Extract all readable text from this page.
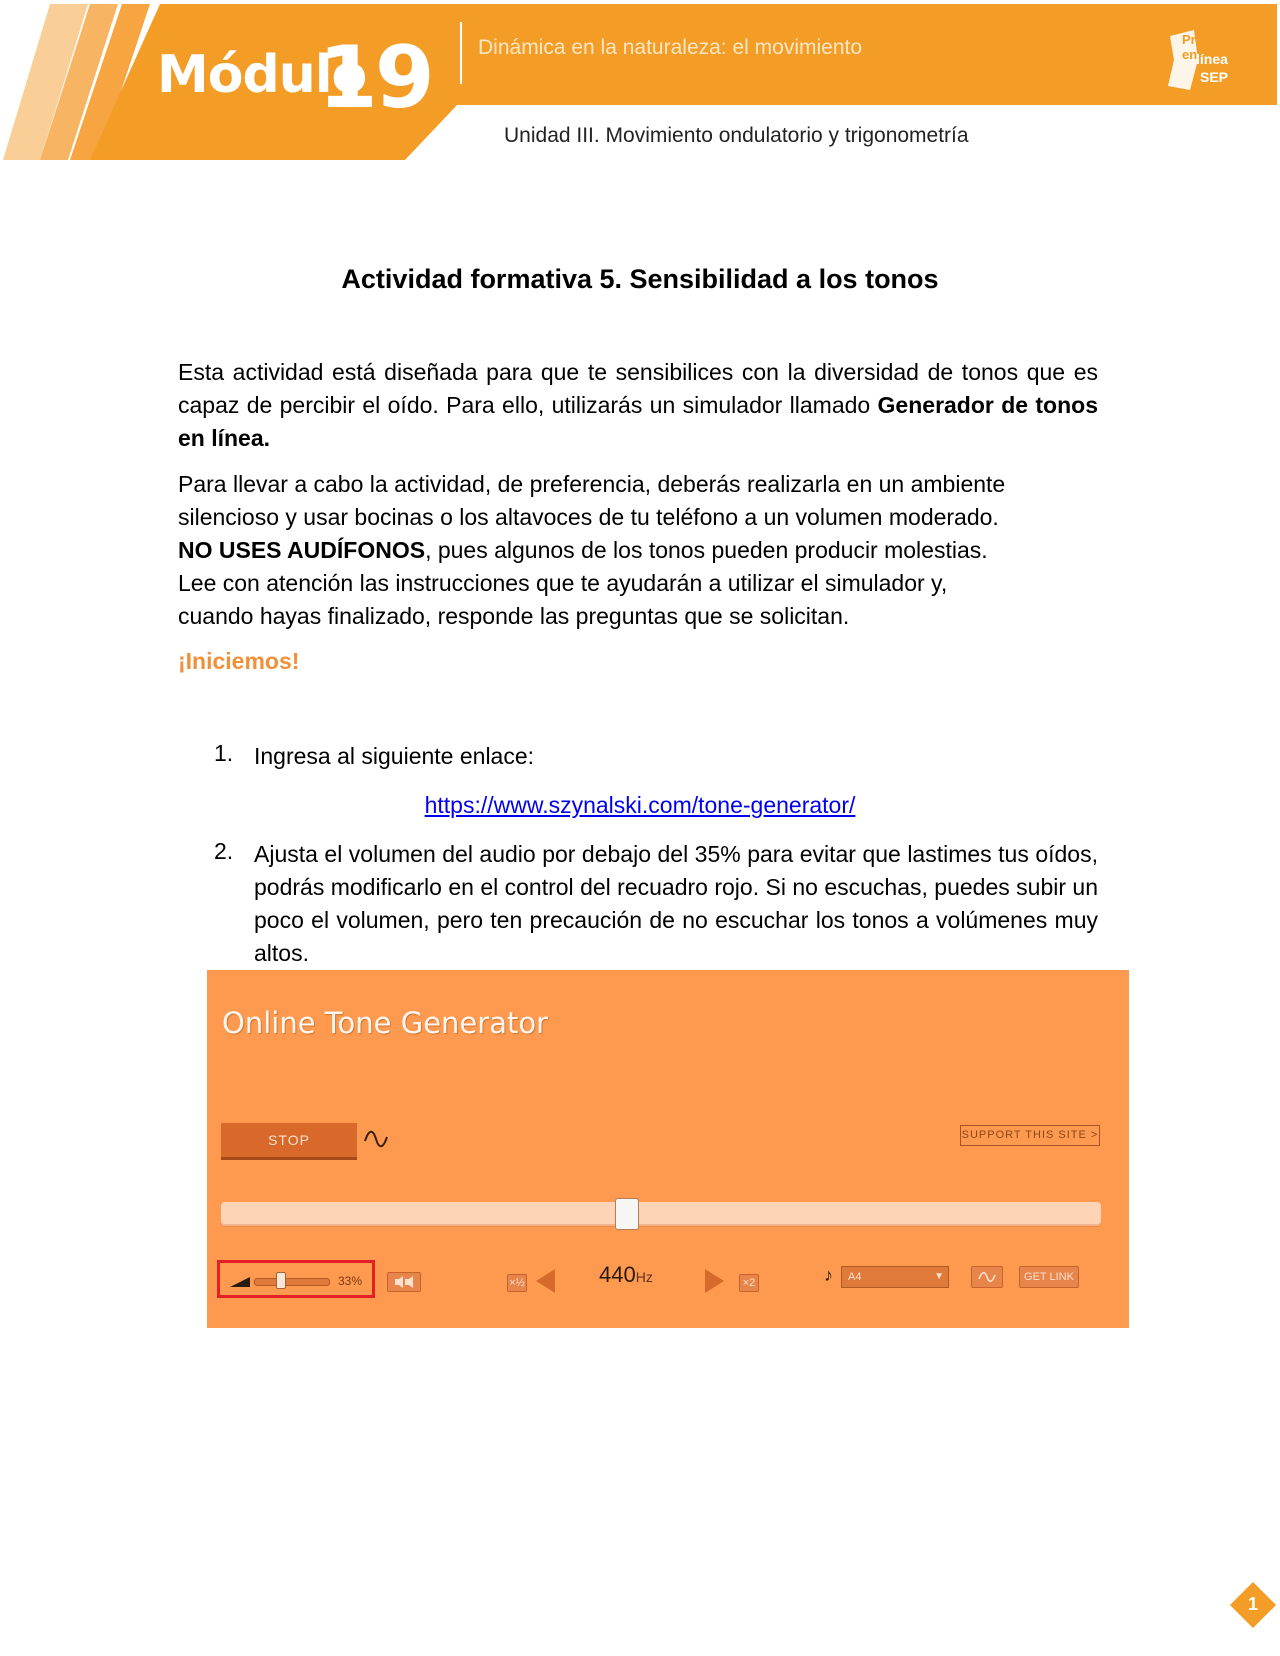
Módulo
19 Dinámica en la naturaleza: el movimiento
Unidad III. Movimiento ondulatorio y trigonometría
Prepa en
línea
SEP
Actividad formativa 5. Sensibilidad a los tonos
Esta actividad está diseñada para que te sensibilices con la diversidad de tonos que es capaz de percibir el oído. Para ello, utilizarás un simulador llamado Generador de tonos en línea.
Para llevar a cabo la actividad, de preferencia, deberás realizarla en un ambiente
silencioso y usar bocinas o los altavoces de tu teléfono a un volumen moderado.
NO USES AUDÍFONOS, pues algunos de los tonos pueden producir molestias.
Lee con atención las instrucciones que te ayudarán a utilizar el simulador y,
cuando hayas finalizado, responde las preguntas que se solicitan.
¡Iniciemos!
1. Ingresa al siguiente enlace:
https://www.szynalski.com/tone-generator/
2. Ajusta el volumen del audio por debajo del 35% para evitar que lastimes tus oídos, podrás modificarlo en el control del recuadro rojo. Si no escuchas, puedes subir un poco el volumen, pero ten precaución de no escuchar los tonos a volúmenes muy altos.
Online Tone Generator
STOP	SUPPORT THIS SITE >
33%	×½	440Hz	×2	♪	A4	▼	GET LINK
1
